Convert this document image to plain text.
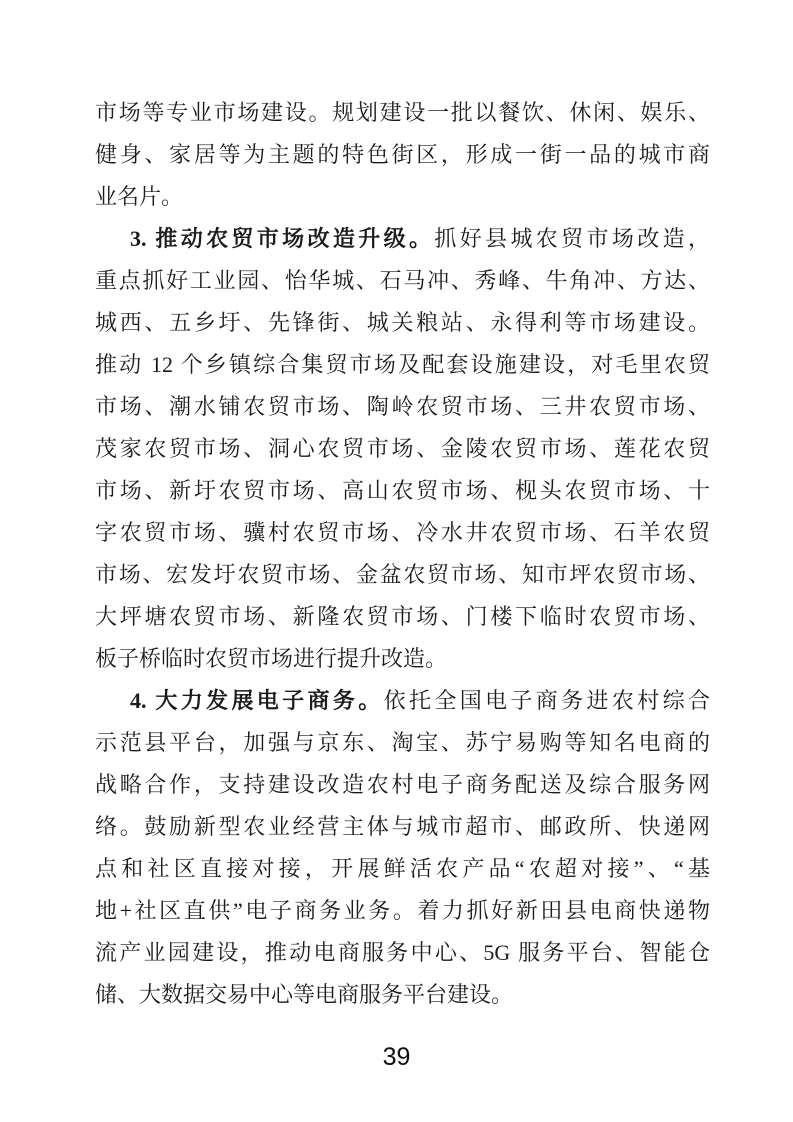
市场等专业市场建设。规划建设一批以餐饮、休闲、娱乐、
健身、家居等为主题的特色街区，形成一街一品的城市商
业名片。
3. 推动农贸市场改造升级。抓好县城农贸市场改造，
重点抓好工业园、怡华城、石马冲、秀峰、牛角冲、方达、
城西、五乡圩、先锋街、城关粮站、永得利等市场建设。
推动 12 个乡镇综合集贸市场及配套设施建设，对毛里农贸
市场、潮水铺农贸市场、陶岭农贸市场、三井农贸市场、
茂家农贸市场、洞心农贸市场、金陵农贸市场、莲花农贸
市场、新圩农贸市场、高山农贸市场、枧头农贸市场、十
字农贸市场、骥村农贸市场、冷水井农贸市场、石羊农贸
市场、宏发圩农贸市场、金盆农贸市场、知市坪农贸市场、
大坪塘农贸市场、新隆农贸市场、门楼下临时农贸市场、
板子桥临时农贸市场进行提升改造。
4. 大力发展电子商务。依托全国电子商务进农村综合
示范县平台，加强与京东、淘宝、苏宁易购等知名电商的
战略合作，支持建设改造农村电子商务配送及综合服务网
络。鼓励新型农业经营主体与城市超市、邮政所、快递网
点和社区直接对接，开展鲜活农产品“农超对接”、“基
地+社区直供”电子商务业务。着力抓好新田县电商快递物
流产业园建设，推动电商服务中心、5G 服务平台、智能仓
储、大数据交易中心等电商服务平台建设。
39
